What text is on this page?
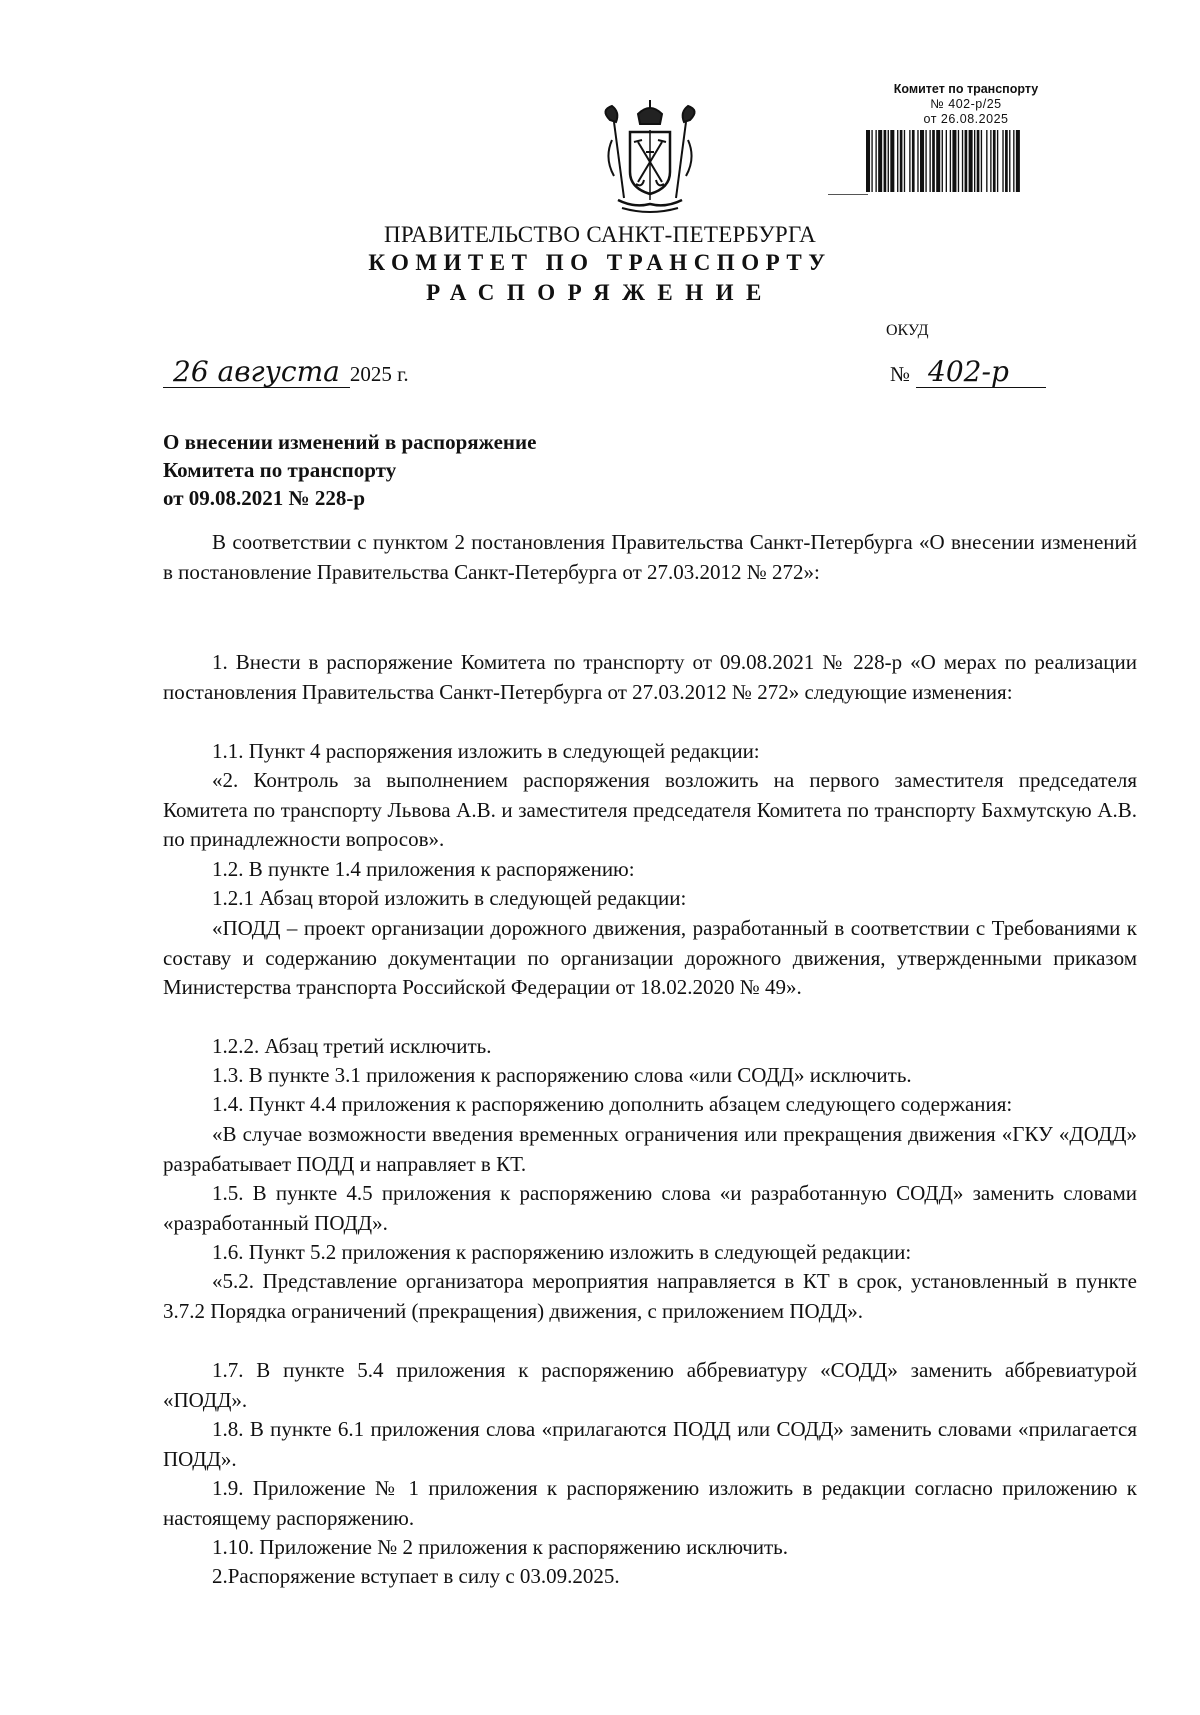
Комитет по транспорту
№ 402-р/25
от 26.08.2025
ПРАВИТЕЛЬСТВО САНКТ-ПЕТЕРБУРГА
КОМИТЕТ ПО ТРАНСПОРТУ
РАСПОРЯЖЕНИЕ
ОКУД
26 августа 2025 г.	№ 402-р
О внесении изменений в распоряжение
Комитета по транспорту
от 09.08.2021 № 228-р
В соответствии с пунктом 2 постановления Правительства Санкт-Петербурга «О внесении изменений в постановление Правительства Санкт-Петербурга от 27.03.2012 № 272»:
1. Внести в распоряжение Комитета по транспорту от 09.08.2021 № 228-р «О мерах по реализации постановления Правительства Санкт-Петербурга от 27.03.2012 № 272» следующие изменения:
1.1. Пункт 4 распоряжения изложить в следующей редакции:
«2. Контроль за выполнением распоряжения возложить на первого заместителя председателя Комитета по транспорту Львова А.В. и заместителя председателя Комитета по транспорту Бахмутскую А.В. по принадлежности вопросов».
1.2. В пункте 1.4 приложения к распоряжению:
1.2.1 Абзац второй изложить в следующей редакции:
«ПОДД – проект организации дорожного движения, разработанный в соответствии с Требованиями к составу и содержанию документации по организации дорожного движения, утвержденными приказом Министерства транспорта Российской Федерации от 18.02.2020 № 49».
1.2.2. Абзац третий исключить.
1.3. В пункте 3.1 приложения к распоряжению слова «или СОДД» исключить.
1.4. Пункт 4.4 приложения к распоряжению дополнить абзацем следующего содержания:
«В случае возможности введения временных ограничения или прекращения движения «ГКУ «ДОДД» разрабатывает ПОДД и направляет в КТ.
1.5. В пункте 4.5 приложения к распоряжению слова «и разработанную СОДД» заменить словами «разработанный ПОДД».
1.6. Пункт 5.2 приложения к распоряжению изложить в следующей редакции:
«5.2. Представление организатора мероприятия направляется в КТ в срок, установленный в пункте 3.7.2 Порядка ограничений (прекращения) движения, с приложением ПОДД».
1.7. В пункте 5.4 приложения к распоряжению аббревиатуру «СОДД» заменить аббревиатурой «ПОДД».
1.8. В пункте 6.1 приложения слова «прилагаются ПОДД или СОДД» заменить словами «прилагается ПОДД».
1.9. Приложение № 1 приложения к распоряжению изложить в редакции согласно приложению к настоящему распоряжению.
1.10. Приложение № 2 приложения к распоряжению исключить.
2.Распоряжение вступает в силу с 03.09.2025.
